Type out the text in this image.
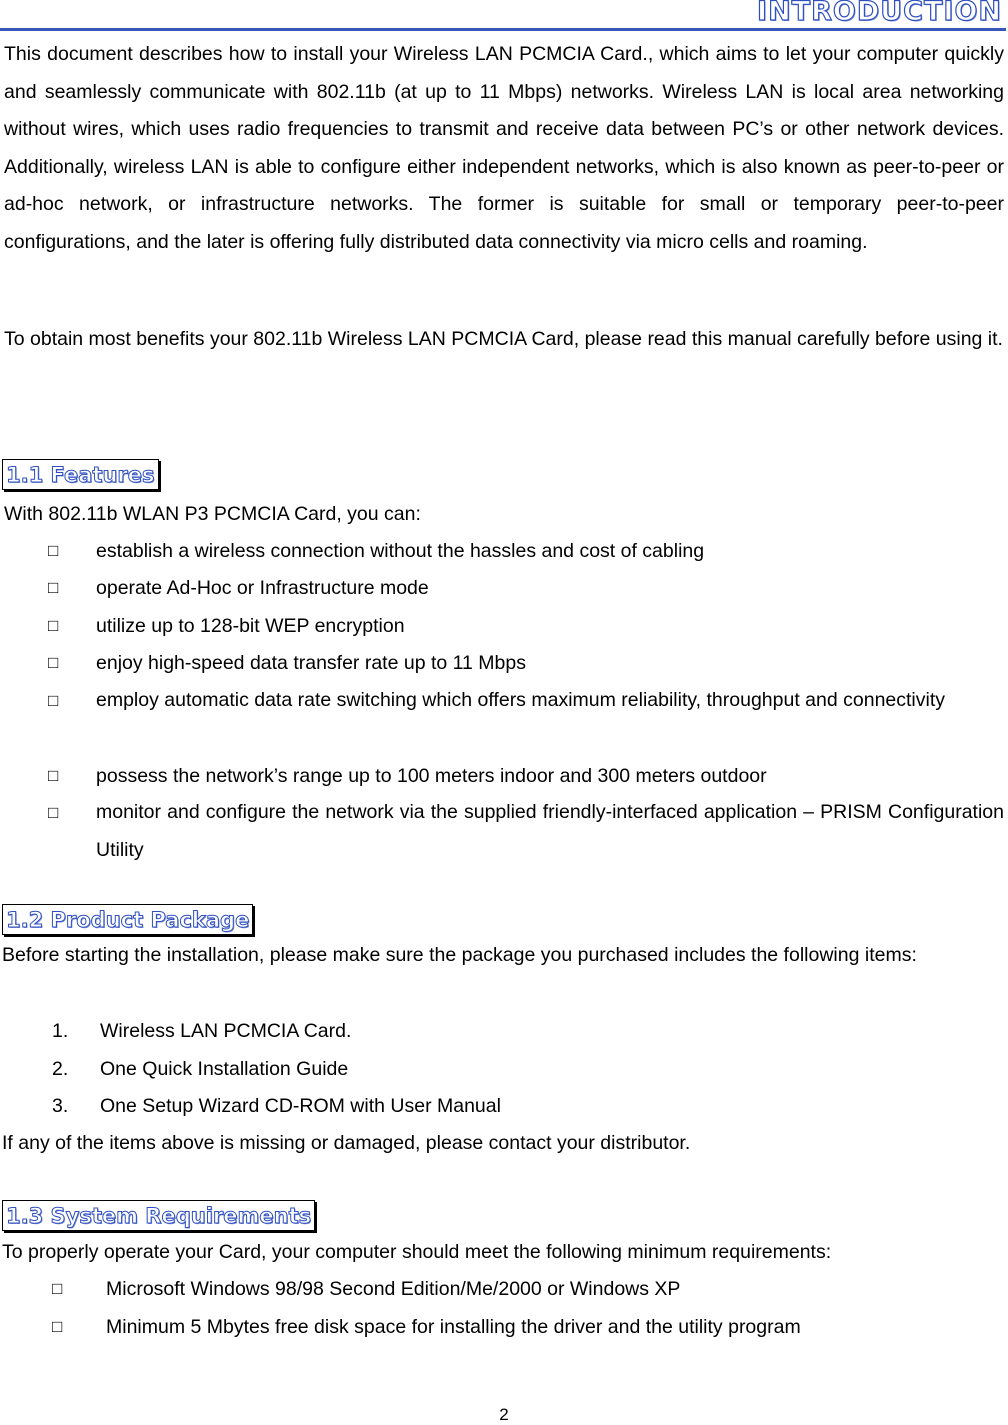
INTRODUCTION

This document describes how to install your Wireless LAN PCMCIA Card., which aims to let your computer quickly and seamlessly communicate with 802.11b (at up to 11 Mbps) networks. Wireless LAN is local area networking without wires, which uses radio frequencies to transmit and receive data between PC’s or other network devices. Additionally, wireless LAN is able to configure either independent networks, which is also known as peer-to-peer or ad-hoc network, or infrastructure networks. The former is suitable for small or temporary peer-to-peer configurations, and the later is offering fully distributed data connectivity via micro cells and roaming.

To obtain most benefits your 802.11b Wireless LAN PCMCIA Card, please read this manual carefully before using it.

1.1 Features

With 802.11b WLAN P3 PCMCIA Card, you can:

□ establish a wireless connection without the hassles and cost of cabling
□ operate Ad-Hoc or Infrastructure mode
□ utilize up to 128-bit WEP encryption
□ enjoy high-speed data transfer rate up to 11 Mbps
□ employ automatic data rate switching which offers maximum reliability, throughput and connectivity
□ possess the network’s range up to 100 meters indoor and 300 meters outdoor
□ monitor and configure the network via the supplied friendly-interfaced application – PRISM Configuration Utility
1.2 Product Package

Before starting the installation, please make sure the package you purchased includes the following items:

1. Wireless LAN PCMCIA Card.
2. One Quick Installation Guide
3. One Setup Wizard CD-ROM with User Manual

If any of the items above is missing or damaged, please contact your distributor.

1.3 System Requirements

To properly operate your Card, your computer should meet the following minimum requirements:

□ Microsoft Windows 98/98 Second Edition/Me/2000 or Windows XP
□ Minimum 5 Mbytes free disk space for installing the driver and the utility program
2
